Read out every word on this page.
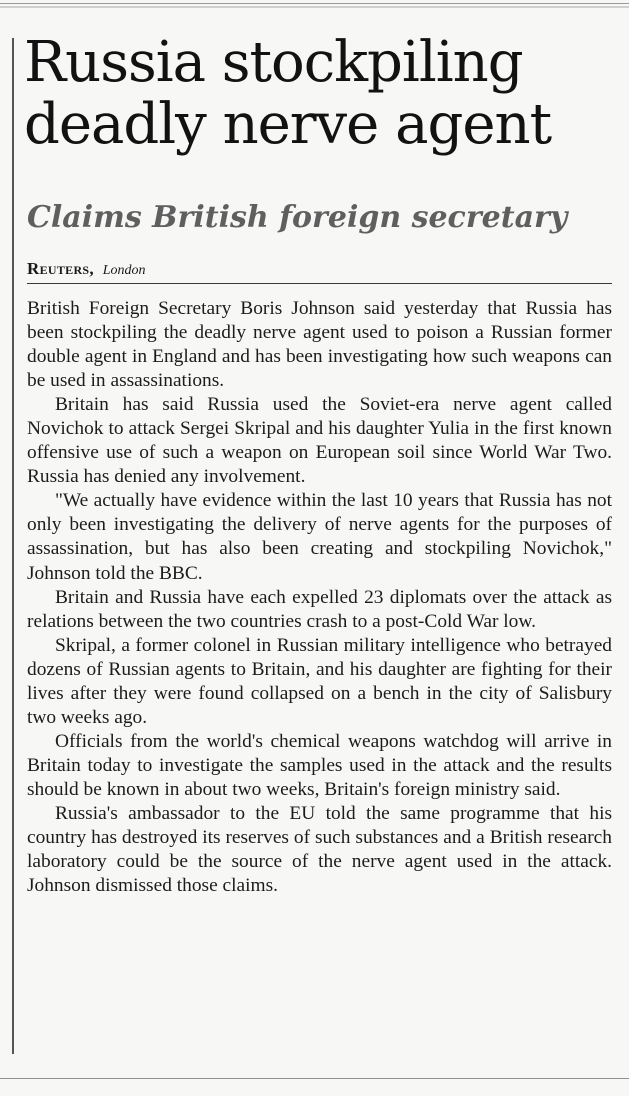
Russia stockpiling deadly nerve agent
Claims British foreign secretary
Reuters, London

British Foreign Secretary Boris Johnson said yesterday that Russia has been stockpiling the deadly nerve agent used to poison a Russian former double agent in England and has been investigating how such weapons can be used in assassinations.

Britain has said Russia used the Soviet-era nerve agent called Novichok to attack Sergei Skripal and his daughter Yulia in the first known offensive use of such a weapon on European soil since World War Two. Russia has denied any involvement.

"We actually have evidence within the last 10 years that Russia has not only been investigating the delivery of nerve agents for the purposes of assassination, but has also been creating and stockpiling Novichok," Johnson told the BBC.

Britain and Russia have each expelled 23 diplomats over the attack as relations between the two countries crash to a post-Cold War low.

Skripal, a former colonel in Russian military intelligence who betrayed dozens of Russian agents to Britain, and his daughter are fighting for their lives after they were found collapsed on a bench in the city of Salisbury two weeks ago.

Officials from the world's chemical weapons watchdog will arrive in Britain today to investigate the samples used in the attack and the results should be known in about two weeks, Britain's foreign ministry said.

Russia's ambassador to the EU told the same programme that his country has destroyed its reserves of such substances and a British research laboratory could be the source of the nerve agent used in the attack. Johnson dismissed those claims.
